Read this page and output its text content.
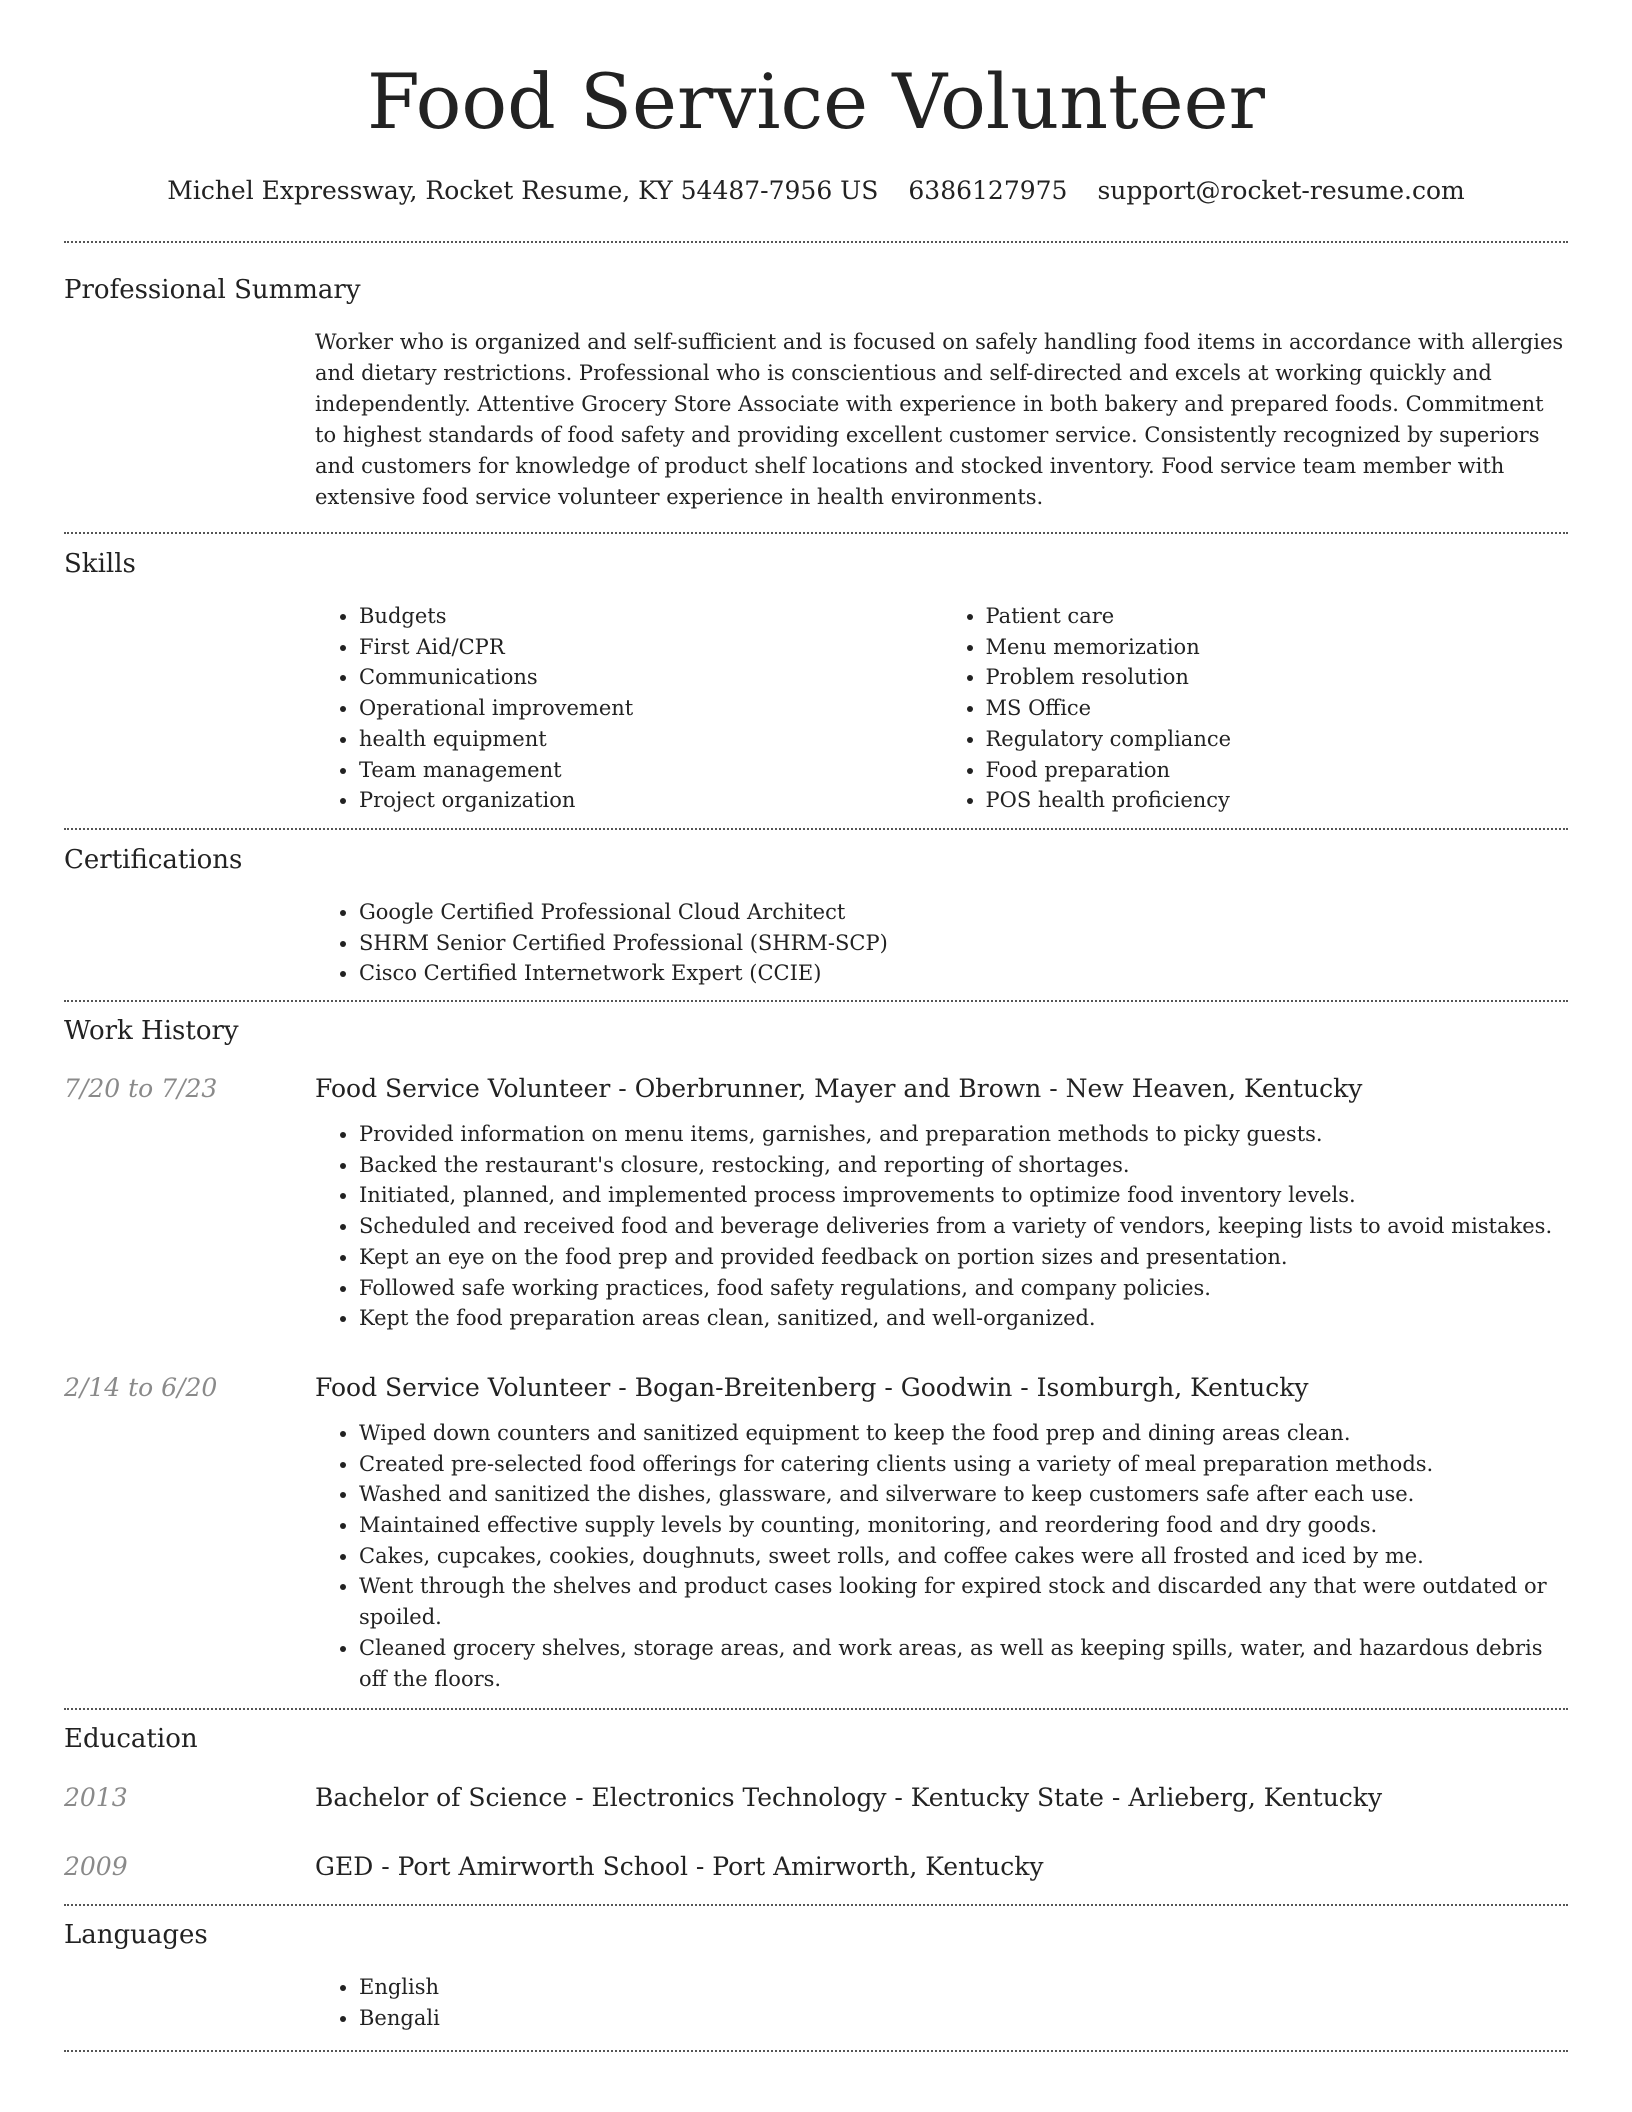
Food Service Volunteer
Michel Expressway, Rocket Resume, KY 54487-7956 US 6386127975 support@rocket-resume.com
Professional Summary

Worker who is organized and self-sufficient and is focused on safely handling food items in accordance with allergies and dietary restrictions. Professional who is conscientious and self-directed and excels at working quickly and independently. Attentive Grocery Store Associate with experience in both bakery and prepared foods. Commitment to highest standards of food safety and providing excellent customer service. Consistently recognized by superiors and customers for knowledge of product shelf locations and stocked inventory. Food service team member with extensive food service volunteer experience in health environments.

Skills
• Budgets
• First Aid/CPR
• Communications
• Operational improvement
• health equipment
• Team management
• Project organization
• Patient care
• Menu memorization
• Problem resolution
• MS Office
• Regulatory compliance
• Food preparation
• POS health proficiency
Certifications
• Google Certified Professional Cloud Architect
• SHRM Senior Certified Professional (SHRM-SCP)
• Cisco Certified Internetwork Expert (CCIE)
Work History
7/20 to 7/23	Food Service Volunteer - Oberbrunner, Mayer and Brown - New Heaven, Kentucky
• Provided information on menu items, garnishes, and preparation methods to picky guests.
• Backed the restaurant's closure, restocking, and reporting of shortages.
• Initiated, planned, and implemented process improvements to optimize food inventory levels.
• Scheduled and received food and beverage deliveries from a variety of vendors, keeping lists to avoid mistakes.
• Kept an eye on the food prep and provided feedback on portion sizes and presentation.
• Followed safe working practices, food safety regulations, and company policies.
• Kept the food preparation areas clean, sanitized, and well-organized.
2/14 to 6/20	Food Service Volunteer - Bogan-Breitenberg - Goodwin - Isomburgh, Kentucky
• Wiped down counters and sanitized equipment to keep the food prep and dining areas clean.
• Created pre-selected food offerings for catering clients using a variety of meal preparation methods.
• Washed and sanitized the dishes, glassware, and silverware to keep customers safe after each use.
• Maintained effective supply levels by counting, monitoring, and reordering food and dry goods.
• Cakes, cupcakes, cookies, doughnuts, sweet rolls, and coffee cakes were all frosted and iced by me.
• Went through the shelves and product cases looking for expired stock and discarded any that were outdated or spoiled.
• Cleaned grocery shelves, storage areas, and work areas, as well as keeping spills, water, and hazardous debris off the floors.
Education
2013	Bachelor of Science - Electronics Technology - Kentucky State - Arlieberg, Kentucky
2009	GED - Port Amirworth School - Port Amirworth, Kentucky
Languages
• English
• Bengali
